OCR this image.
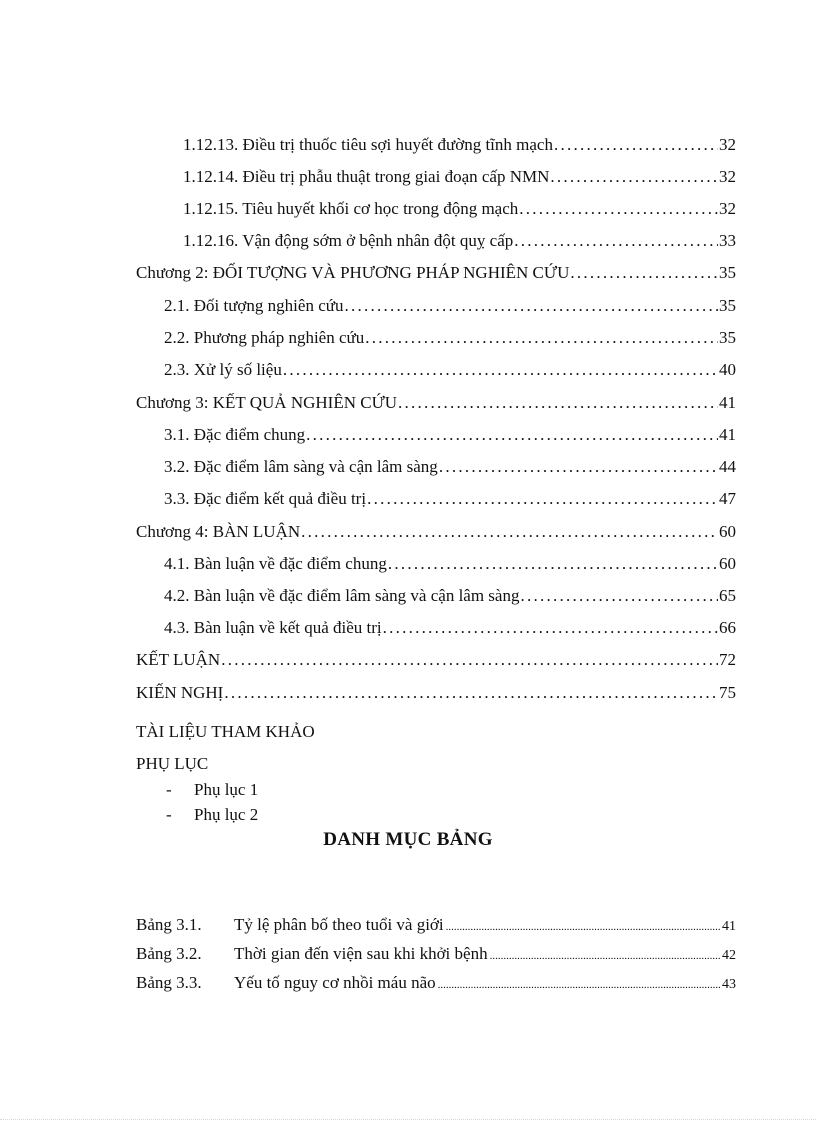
1.12.13. Điều trị thuốc tiêu sợi huyết đường tĩnh mạch . . .	32
1.12.14. Điều trị phẫu thuật trong giai đoạn cấp NMN . . .	32
1.12.15. Tiêu huyết khối cơ học trong động mạch . . .	32
1.12.16. Vận động sớm ở bệnh nhân đột quỵ cấp . . .	33
Chương 2: ĐỐI TƯỢNG VÀ PHƯƠNG PHÁP NGHIÊN CỨU . . .	35
2.1. Đối tượng nghiên cứu . . .	35
2.2. Phương pháp nghiên cứu . . .	35
2.3. Xử lý số liệu . . .	40
Chương 3: KẾT QUẢ NGHIÊN CỨU . . .	41
3.1. Đặc điểm chung . . .	41
3.2. Đặc điểm lâm sàng và cận lâm sàng . . .	44
3.3. Đặc điểm kết quả điều trị . . .	47
Chương 4: BÀN LUẬN . . .	60
4.1. Bàn luận về đặc điểm chung . . .	60
4.2. Bàn luận về đặc điểm lâm sàng và cận lâm sàng . . .	65
4.3. Bàn luận về kết quả điều trị . . .	66
KẾT LUẬN . . .	72
KIẾN NGHỊ . . .	75
TÀI LIỆU THAM KHẢO
PHỤ LỤC
- Phụ lục 1
- Phụ lục 2
DANH MỤC BẢNG
Bảng 3.1.	Tỷ lệ phân bố theo tuổi và giới .....	41
Bảng 3.2.	Thời gian đến viện sau khi khởi bệnh .....	42
Bảng 3.3.	Yếu tố nguy cơ nhồi máu não .....	43
